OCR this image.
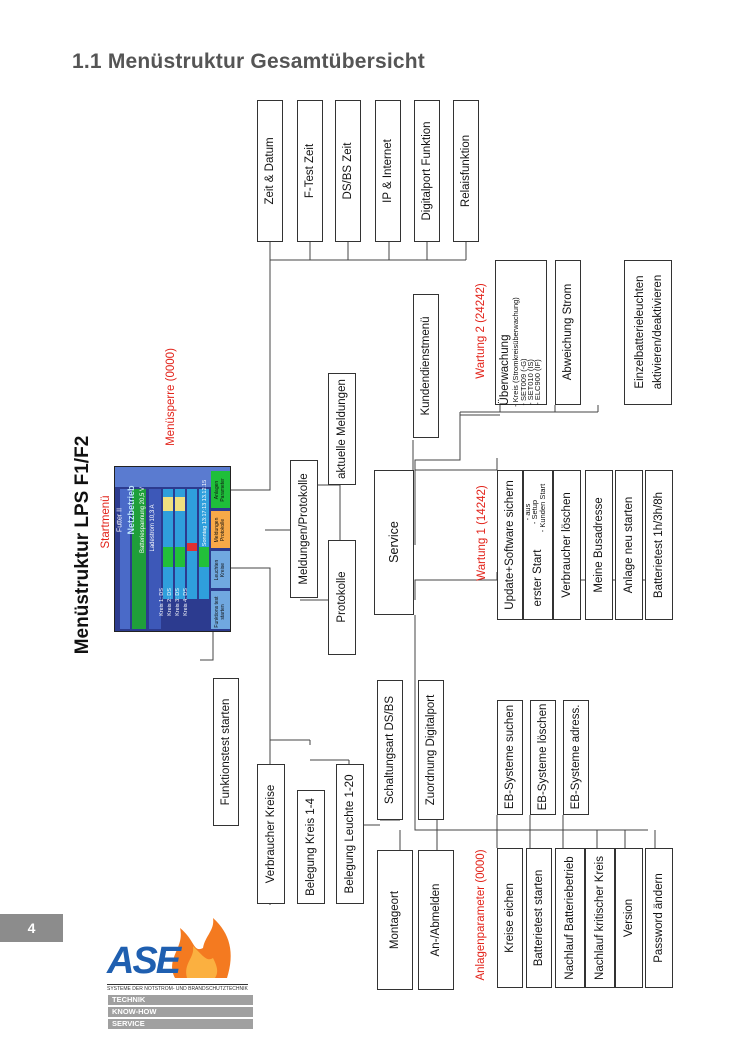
1.1 Menüstruktur Gesamtübersicht
Menüstruktur LPS F1/F2 Startmenü
Menüsperre (0000)
Futter II Netzbetrieb Batteriespannung 20,5 V Ladestrom 10,3 A
Kreis 1: DS Kreis 2: DS Kreis 3: DS Kreis 4: DS
Sonntag 13:17:13 13.12.15
Funktions test starten
Leuchten Kreise
Meldungen Protokolle
Anlagen Parameter
Zeit & Datum F-Test Zeit DS/BS Zeit IP & Internet Digitalport Funktion Relaisfunktion
Meldungen/Protokolle
aktuelle Meldungen
Protokolle
Service
Kundendienstmenü	Wartung 2 (24242) Überwachung - Kreis (Stromkreisüberwachung) - SET009 (-G)
- SET010 (IS)
- ELC900 (IF)
Abweichung Strom	Einzelbatterieleuchten aktivieren/deaktivieren
Wartung 1 (14242) Update+Software sichern erster Start
- aus
- Setup - Kunden Start Verbraucher löschen Meine Busadresse Anlage neu starten Batterietest 1h/3h/8h
Funktionstest starten
Verbraucher Kreise Belegung Kreis 1-4 Belegung Leuchte 1-20
Schaltungsart DS/BS	Zuordnung Digitalport
Montageort	An-/Abmelden
EB-Systeme suchen EB-Systeme löschen EB-Systeme adress.
Anlagenparameter (0000) Kreise eichen Batterietest starten Nachlauf Batteriebetrieb Nachlauf kritischer Kreis Version Password ändern
4
ASE
SYSTEME DER NOTSTROM- UND BRANDSCHUTZTECHNIK
TECHNIK
KNOW-HOW
SERVICE
